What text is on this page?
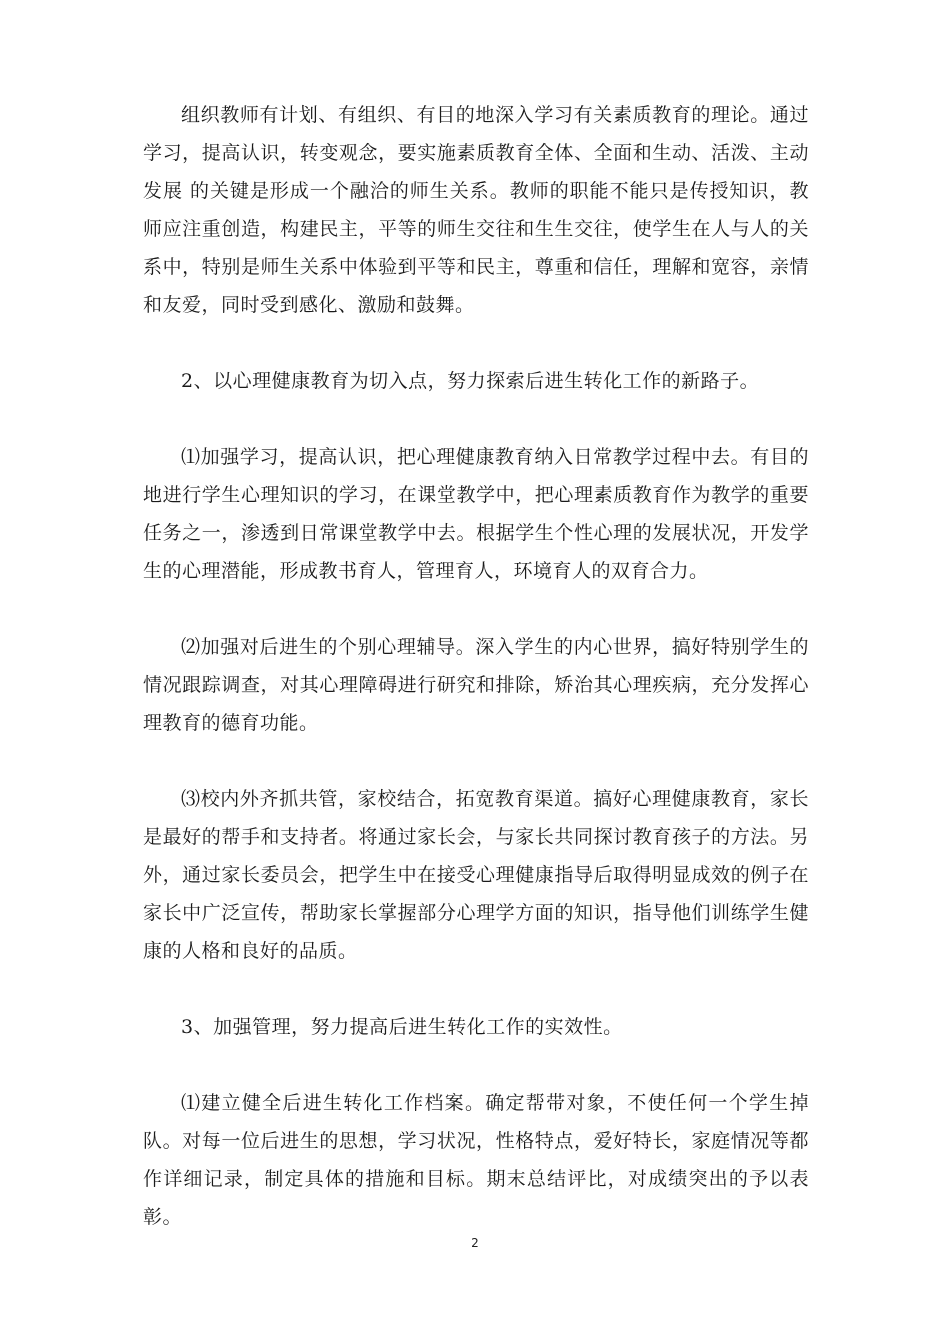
组织教师有计划、有组织、有目的地深入学习有关素质教育的理论。通过学习，提高认识，转变观念，要实施素质教育全体、全面和生动、活泼、主动发展 的关键是形成一个融洽的师生关系。教师的职能不能只是传授知识，教师应注重创造，构建民主，平等的师生交往和生生交往，使学生在人与人的关系中，特别是师生关系中体验到平等和民主，尊重和信任，理解和宽容，亲情和友爱，同时受到感化、激励和鼓舞。

2、以心理健康教育为切入点，努力探索后进生转化工作的新路子。

⑴加强学习，提高认识，把心理健康教育纳入日常教学过程中去。有目的地进行学生心理知识的学习，在课堂教学中，把心理素质教育作为教学的重要任务之一，渗透到日常课堂教学中去。根据学生个性心理的发展状况，开发学生的心理潜能，形成教书育人，管理育人，环境育人的双育合力。

⑵加强对后进生的个别心理辅导。深入学生的内心世界，搞好特别学生的情况跟踪调查，对其心理障碍进行研究和排除，矫治其心理疾病，充分发挥心理教育的德育功能。

⑶校内外齐抓共管，家校结合，拓宽教育渠道。搞好心理健康教育，家长是最好的帮手和支持者。将通过家长会，与家长共同探讨教育孩子的方法。另外，通过家长委员会，把学生中在接受心理健康指导后取得明显成效的例子在家长中广泛宣传，帮助家长掌握部分心理学方面的知识，指导他们训练学生健康的人格和良好的品质。

3、加强管理，努力提高后进生转化工作的实效性。

⑴建立健全后进生转化工作档案。确定帮带对象，不使任何一个学生掉队。对每一位后进生的思想，学习状况，性格特点，爱好特长，家庭情况等都作详细记录，制定具体的措施和目标。期末总结评比，对成绩突出的予以表彰。

2
